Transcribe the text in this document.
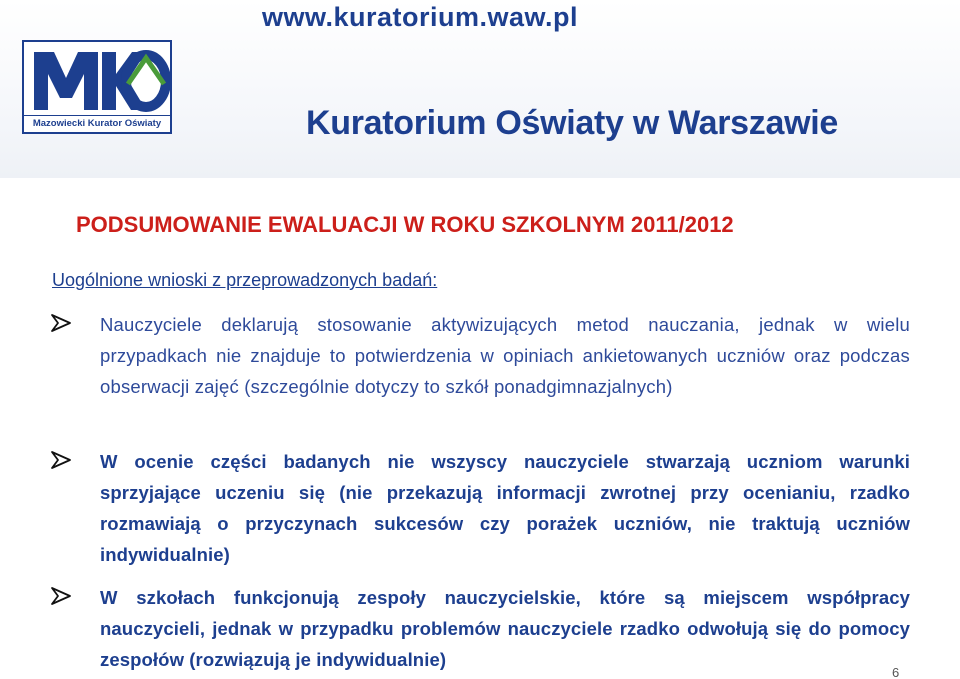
www.kuratorium.waw.pl
Mazowiecki Kurator Oświaty	Kuratorium Oświaty w Warszawie
PODSUMOWANIE EWALUACJI W ROKU SZKOLNYM 2011/2012
Uogólnione wnioski z przeprowadzonych badań:
Nauczyciele deklarują stosowanie aktywizujących metod nauczania, jednak w wielu przypadkach nie znajduje to potwierdzenia w opiniach ankietowanych uczniów oraz podczas obserwacji zajęć (szczególnie dotyczy to szkół ponadgimnazjalnych)
W ocenie części badanych nie wszyscy nauczyciele stwarzają uczniom warunki sprzyjające uczeniu się (nie przekazują informacji zwrotnej przy ocenianiu, rzadko rozmawiają o przyczynach sukcesów czy porażek uczniów, nie traktują uczniów indywidualnie)
W szkołach funkcjonują zespoły nauczycielskie, które są miejscem współpracy nauczycieli, jednak w przypadku problemów nauczyciele rzadko odwołują się do pomocy zespołów (rozwiązują je indywidualnie)
6
